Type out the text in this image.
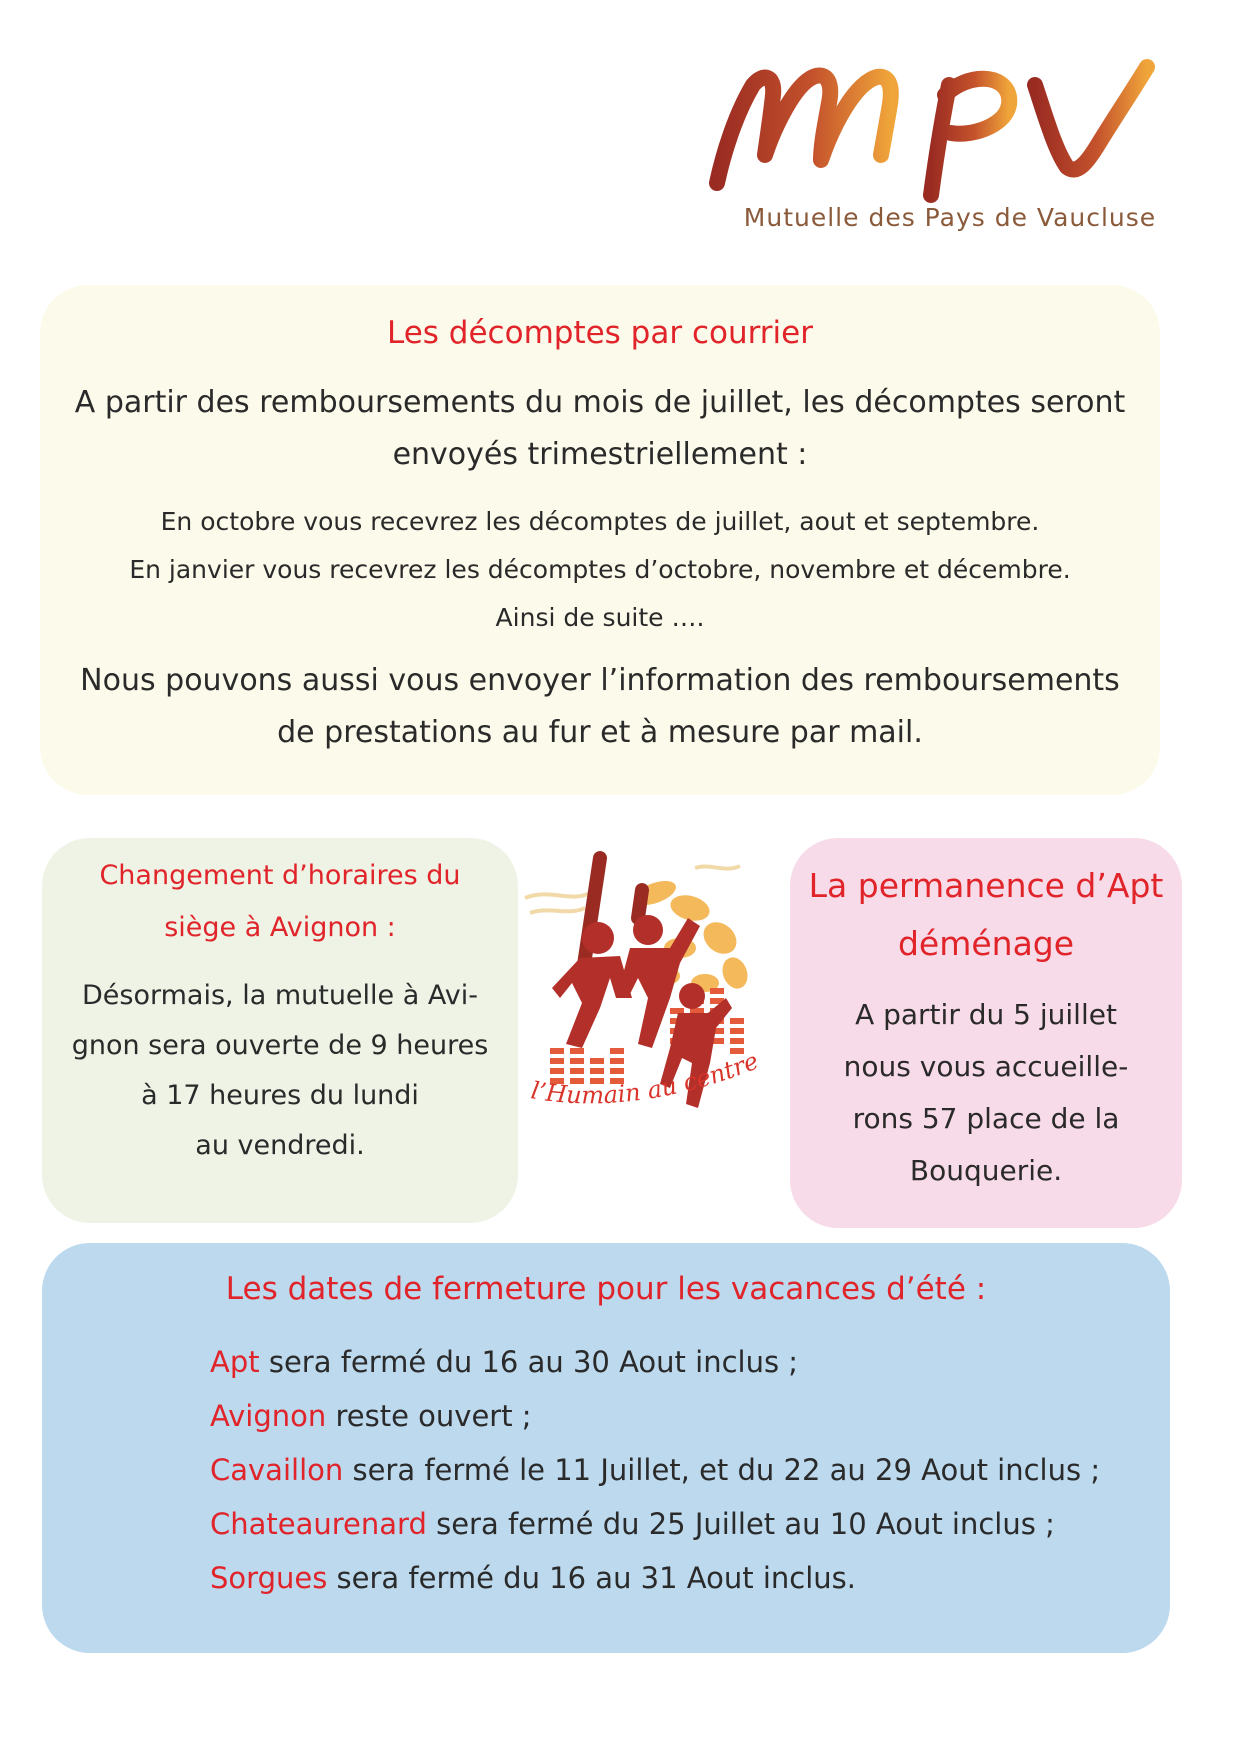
Mutuelle des Pays de Vaucluse
Les décomptes par courrier
A partir des remboursements du mois de juillet, les décomptes seront
envoyés trimestriellement :
En octobre vous recevrez les décomptes de juillet, aout et septembre.
En janvier vous recevrez les décomptes d’octobre, novembre et décembre.
Ainsi de suite ….
Nous pouvons aussi vous envoyer l’information des remboursements
de prestations au fur et à mesure par mail.
Changement d’horaires du
siège à Avignon :
Désormais, la mutuelle à Avi-
gnon sera ouverte de 9 heures
à 17 heures du lundi
au vendredi.
l’Humain au centre
La permanence d’Apt
déménage
A partir du 5 juillet
nous vous accueille-
rons 57 place de la
Bouquerie.
Les dates de fermeture pour les vacances d’été :
Apt sera fermé du 16 au 30 Aout inclus ;
Avignon reste ouvert ;
Cavaillon sera fermé le 11 Juillet, et du 22 au 29 Aout inclus ;
Chateaurenard sera fermé du 25 Juillet au 10 Aout inclus ;
Sorgues sera fermé du 16 au 31 Aout inclus.
